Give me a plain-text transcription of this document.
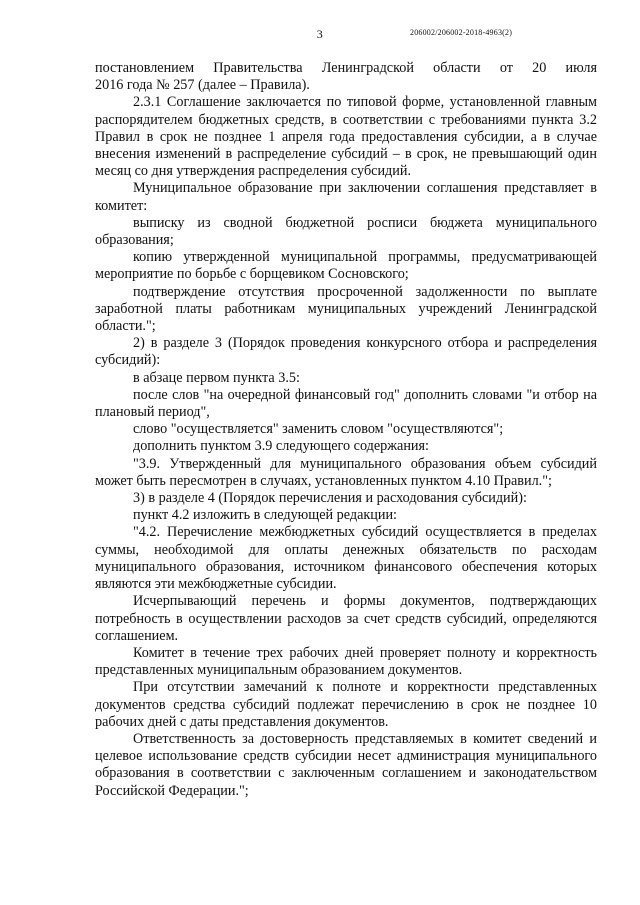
3	206002/206002-2018-4963(2)

постановлением Правительства Ленинградской области от 20 июля

2016 года № 257 (далее – Правила).

2.3.1 Соглашение заключается по типовой форме, установленной главным распорядителем бюджетных средств, в соответствии с требованиями пункта 3.2 Правил в срок не позднее 1 апреля года предоставления субсидии, а в случае внесения изменений в распределение субсидий – в срок, не превышающий один месяц со дня утверждения распределения субсидий.

Муниципальное образование при заключении соглашения представляет в комитет:

выписку из сводной бюджетной росписи бюджета муниципального образования;

копию утвержденной муниципальной программы, предусматривающей мероприятие по борьбе с борщевиком Сосновского;

подтверждение отсутствия просроченной задолженности по выплате заработной платы работникам муниципальных учреждений Ленинградской области.";

2) в разделе 3 (Порядок проведения конкурсного отбора и распределения субсидий):

в абзаце первом пункта 3.5:

после слов "на очередной финансовый год" дополнить словами "и отбор на плановый период",

слово "осуществляется" заменить словом "осуществляются";

дополнить пунктом 3.9 следующего содержания:

"3.9. Утвержденный для муниципального образования объем субсидий может быть пересмотрен в случаях, установленных пунктом 4.10 Правил.";

3) в разделе 4 (Порядок перечисления и расходования субсидий):

пункт 4.2 изложить в следующей редакции:

"4.2. Перечисление межбюджетных субсидий осуществляется в пределах суммы, необходимой для оплаты денежных обязательств по расходам муниципального образования, источником финансового обеспечения которых являются эти межбюджетные субсидии.

Исчерпывающий перечень и формы документов, подтверждающих потребность в осуществлении расходов за счет средств субсидий, определяются соглашением.

Комитет в течение трех рабочих дней проверяет полноту и корректность представленных муниципальным образованием документов.

При отсутствии замечаний к полноте и корректности представленных документов средства субсидий подлежат перечислению в срок не позднее 10 рабочих дней с даты представления документов.

Ответственность за достоверность представляемых в комитет сведений и целевое использование средств субсидии несет администрация муниципального образования в соответствии с заключенным соглашением и законодательством Российской Федерации.";
